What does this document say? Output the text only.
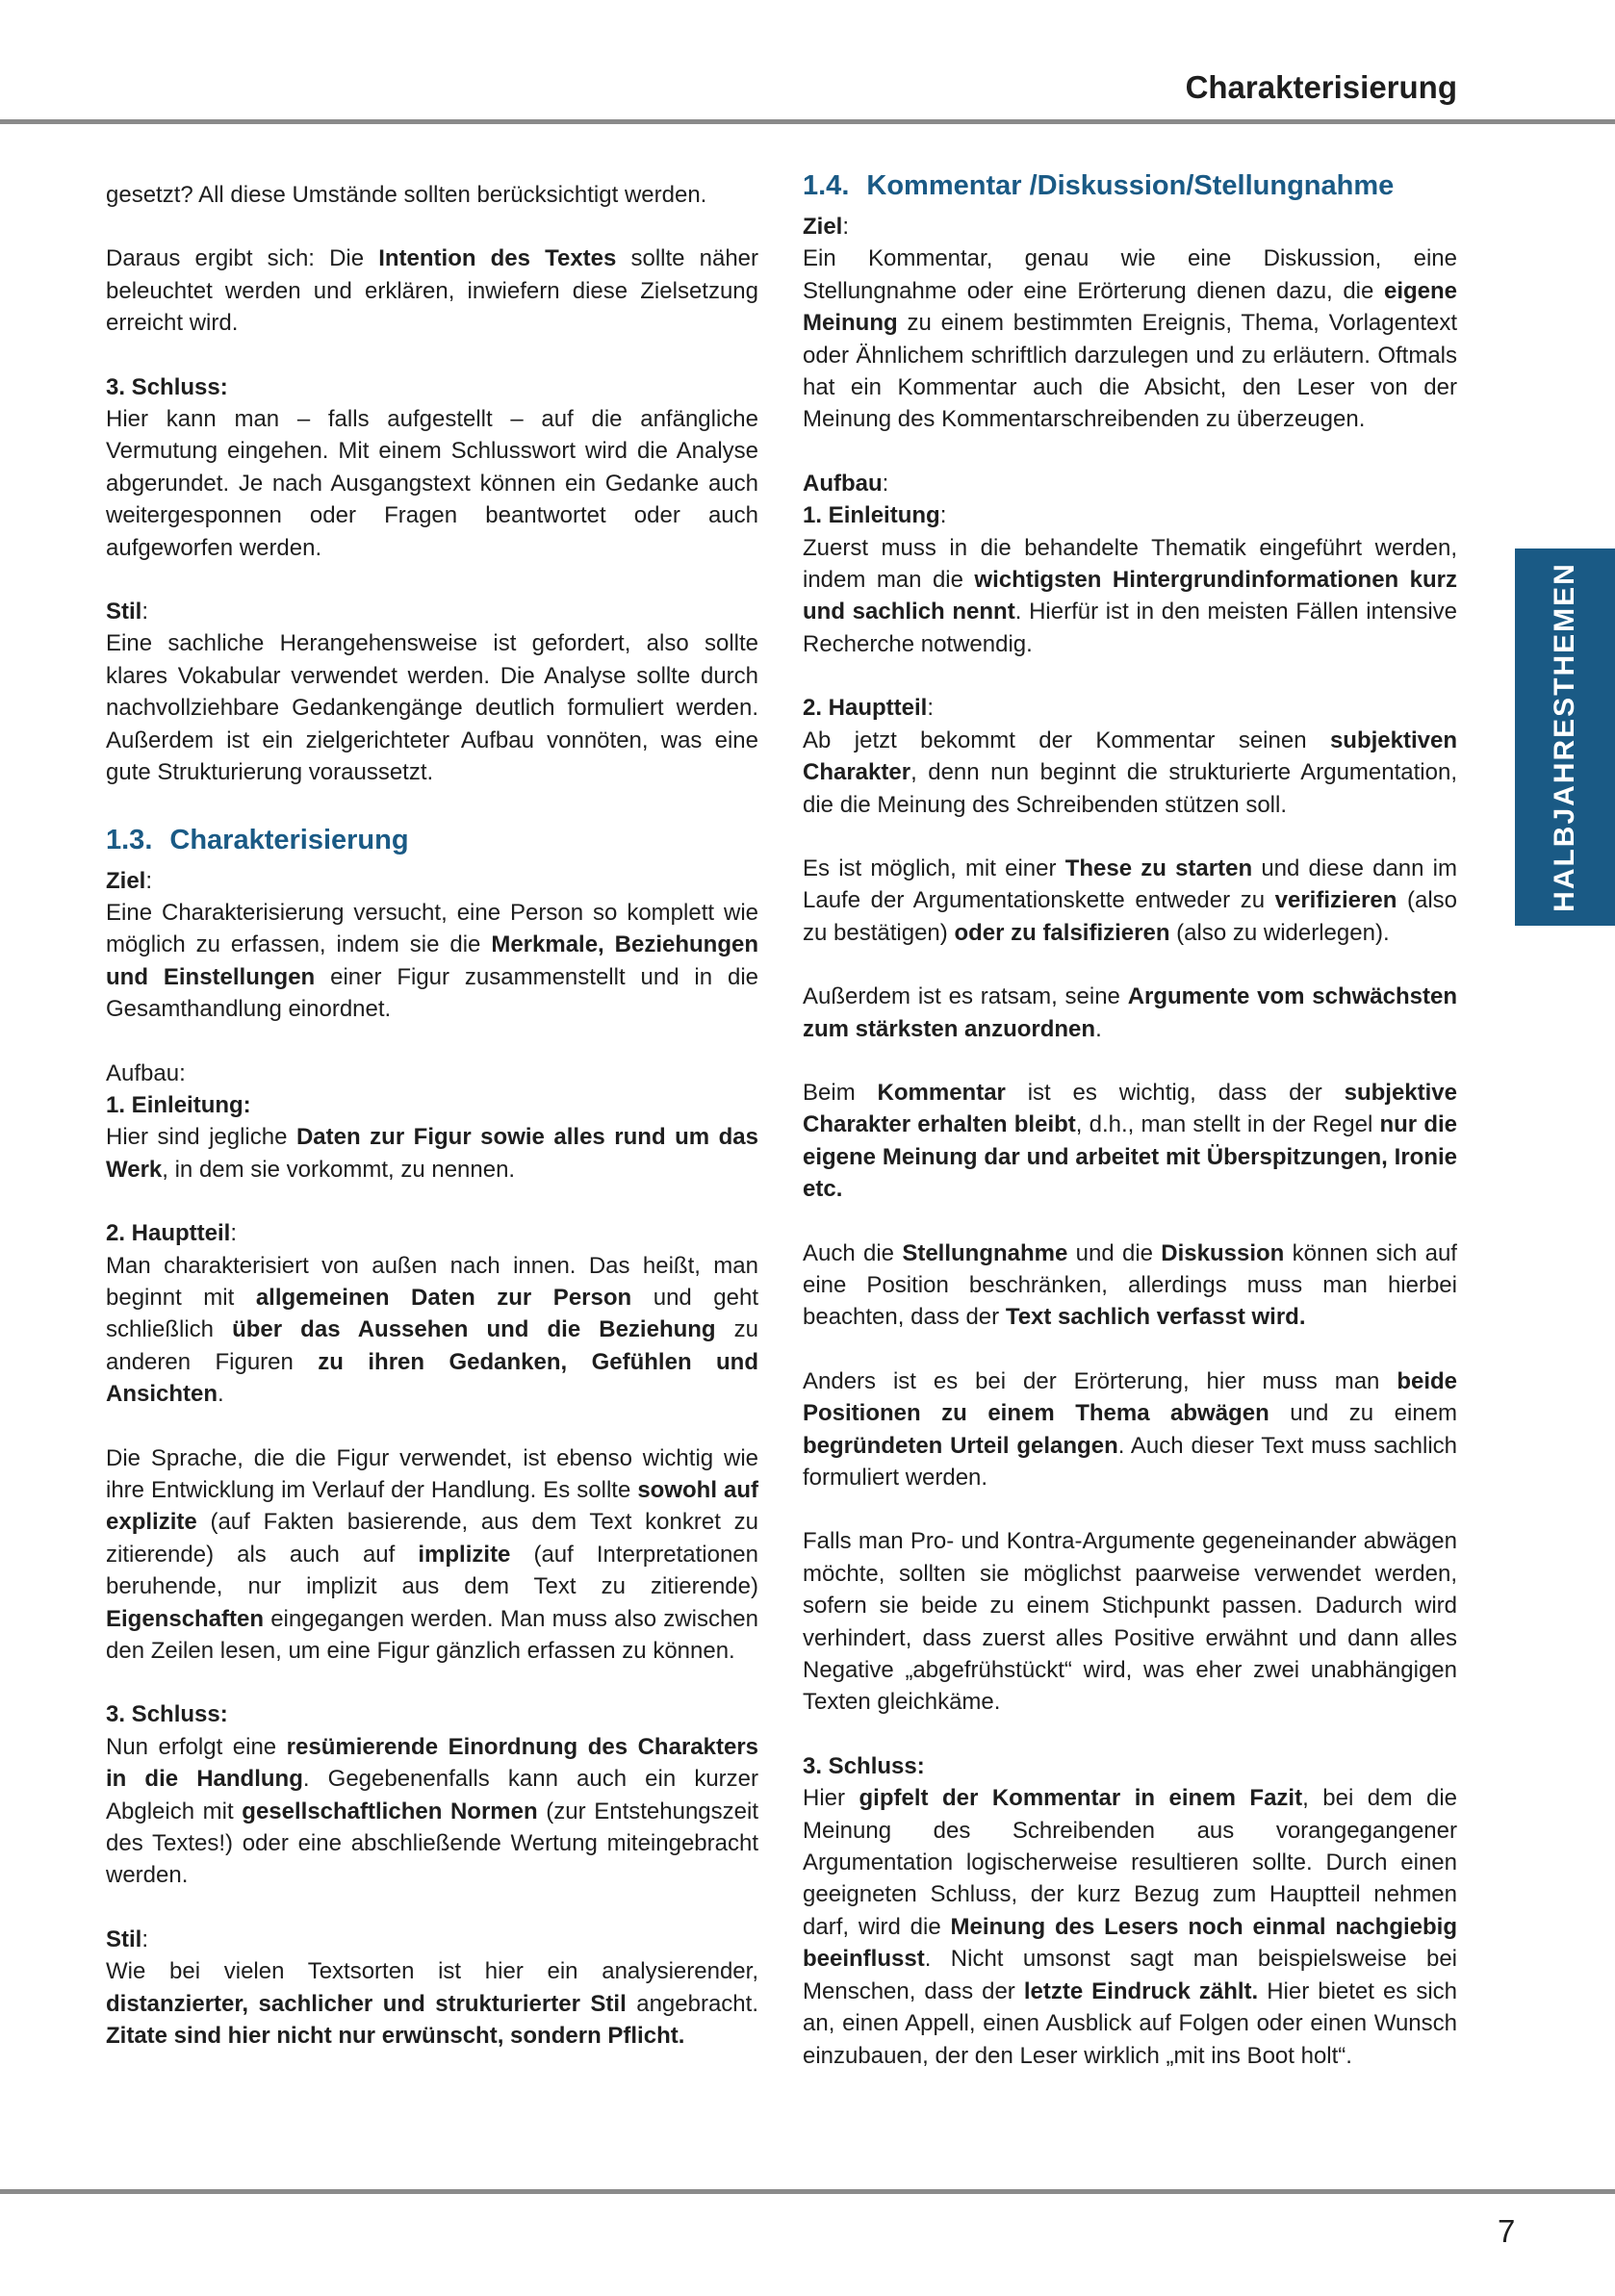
Charakterisierung
HALBJAHRESTHEMEN

gesetzt? All diese Umstände sollten berücksichtigt werden.

Daraus ergibt sich: Die Intention des Textes sollte näher beleuchtet werden und erklären, inwiefern diese Zielsetzung erreicht wird.

3. Schluss:

Hier kann man – falls aufgestellt – auf die anfängliche Vermutung eingehen. Mit einem Schlusswort wird die Analyse abgerundet. Je nach Ausgangstext können ein Gedanke auch weitergesponnen oder Fragen beantwortet oder auch aufgeworfen werden.

Stil:

Eine sachliche Herangehensweise ist gefordert, also sollte klares Vokabular verwendet werden. Die Analyse sollte durch nachvollziehbare Gedankengänge deutlich formuliert werden. Außerdem ist ein zielgerichteter Aufbau vonnöten, was eine gute Strukturierung voraussetzt.

1.3. Charakterisierung
Ziel:

Eine Charakterisierung versucht, eine Person so komplett wie möglich zu erfassen, indem sie die Merkmale, Beziehungen und Einstellungen einer Figur zusammenstellt und in die Gesamthandlung einordnet.

Aufbau:
1. Einleitung:

Hier sind jegliche Daten zur Figur sowie alles rund um das Werk, in dem sie vorkommt, zu nennen.

2. Hauptteil:

Man charakterisiert von außen nach innen. Das heißt, man beginnt mit allgemeinen Daten zur Person und geht schließlich über das Aussehen und die Beziehung zu anderen Figuren zu ihren Gedanken, Gefühlen und Ansichten.

Die Sprache, die die Figur verwendet, ist ebenso wichtig wie ihre Entwicklung im Verlauf der Handlung. Es sollte sowohl auf explizite (auf Fakten basierende, aus dem Text konkret zu zitierende) als auch auf implizite (auf Interpretationen beruhende, nur implizit aus dem Text zu zitierende) Eigenschaften eingegangen werden. Man muss also zwischen den Zeilen lesen, um eine Figur gänzlich erfassen zu können.

3. Schluss:

Nun erfolgt eine resümierende Einordnung des Charakters in die Handlung. Gegebenenfalls kann auch ein kurzer Abgleich mit gesellschaftlichen Normen (zur Entstehungszeit des Textes!) oder eine abschließende Wertung miteingebracht werden.

Stil:

Wie bei vielen Textsorten ist hier ein analysierender, distanzierter, sachlicher und strukturierter Stil angebracht. Zitate sind hier nicht nur erwünscht, sondern Pflicht.

1.4. Kommentar /Diskussion/Stellungnahme
Ziel:

Ein Kommentar, genau wie eine Diskussion, eine Stellungnahme oder eine Erörterung dienen dazu, die eigene Meinung zu einem bestimmten Ereignis, Thema, Vorlagentext oder Ähnlichem schriftlich darzulegen und zu erläutern. Oftmals hat ein Kommentar auch die Absicht, den Leser von der Meinung des Kommentarschreibenden zu überzeugen.

Aufbau:
1. Einleitung:

Zuerst muss in die behandelte Thematik eingeführt werden, indem man die wichtigsten Hintergrundinformationen kurz und sachlich nennt. Hierfür ist in den meisten Fällen intensive Recherche notwendig.

2. Hauptteil:

Ab jetzt bekommt der Kommentar seinen subjektiven Charakter, denn nun beginnt die strukturierte Argumentation, die die Meinung des Schreibenden stützen soll.

Es ist möglich, mit einer These zu starten und diese dann im Laufe der Argumentationskette entweder zu verifizieren (also zu bestätigen) oder zu falsifizieren (also zu widerlegen).

Außerdem ist es ratsam, seine Argumente vom schwächsten zum stärksten anzuordnen.

Beim Kommentar ist es wichtig, dass der subjektive Charakter erhalten bleibt, d.h., man stellt in der Regel nur die eigene Meinung dar und arbeitet mit Überspitzungen, Ironie etc.

Auch die Stellungnahme und die Diskussion können sich auf eine Position beschränken, allerdings muss man hierbei beachten, dass der Text sachlich verfasst wird.

Anders ist es bei der Erörterung, hier muss man beide Positionen zu einem Thema abwägen und zu einem begründeten Urteil gelangen. Auch dieser Text muss sachlich formuliert werden.

Falls man Pro- und Kontra-Argumente gegeneinander abwägen möchte, sollten sie möglichst paarweise verwendet werden, sofern sie beide zu einem Stichpunkt passen. Dadurch wird verhindert, dass zuerst alles Positive erwähnt und dann alles Negative „abgefrühstückt“ wird, was eher zwei unabhängigen Texten gleichkäme.

3. Schluss:

Hier gipfelt der Kommentar in einem Fazit, bei dem die Meinung des Schreibenden aus vorangegangener Argumentation logischerweise resultieren sollte. Durch einen geeigneten Schluss, der kurz Bezug zum Hauptteil nehmen darf, wird die Meinung des Lesers noch einmal nachgiebig beeinflusst. Nicht umsonst sagt man beispielsweise bei Menschen, dass der letzte Eindruck zählt. Hier bietet es sich an, einen Appell, einen Ausblick auf Folgen oder einen Wunsch einzubauen, der den Leser wirklich „mit ins Boot holt“.

7
